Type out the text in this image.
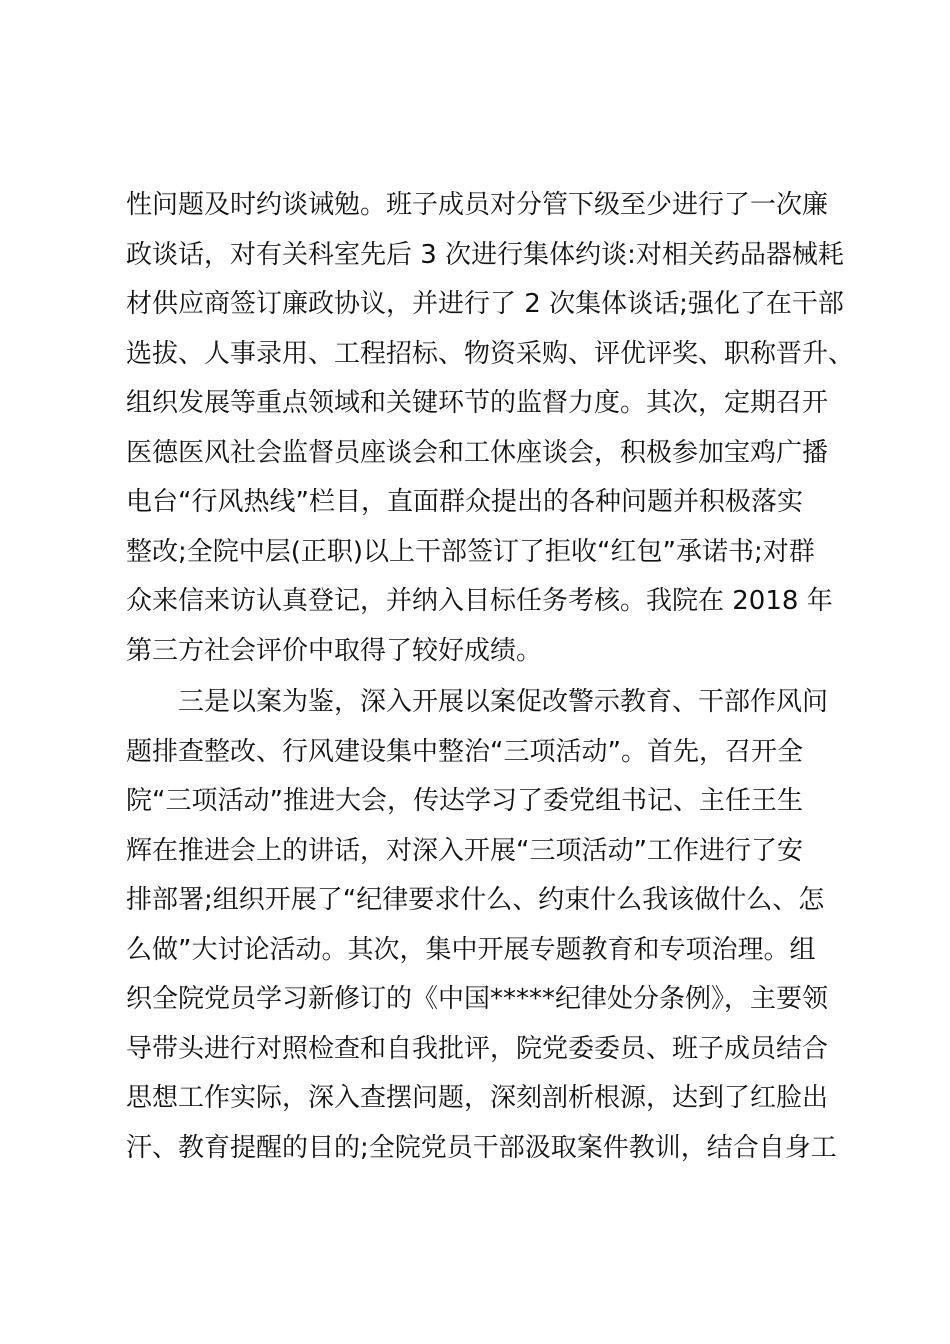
性问题及时约谈诫勉。班子成员对分管下级至少进行了一次廉
政谈话，对有关科室先后 3 次进行集体约谈:对相关药品器械耗
材供应商签订廉政协议，并进行了 2 次集体谈话;强化了在干部
选拔、人事录用、工程招标、物资采购、评优评奖、职称晋升、
组织发展等重点领域和关键环节的监督力度。其次，定期召开
医德医风社会监督员座谈会和工休座谈会，积极参加宝鸡广播
电台“行风热线”栏目，直面群众提出的各种问题并积极落实
整改;全院中层(正职)以上干部签订了拒收“红包”承诺书;对群
众来信来访认真登记，并纳入目标任务考核。我院在 2018 年
第三方社会评价中取得了较好成绩。
三是以案为鉴，深入开展以案促改警示教育、干部作风问
题排查整改、行风建设集中整治“三项活动”。首先，召开全
院“三项活动”推进大会，传达学习了委党组书记、主任王生
辉在推进会上的讲话，对深入开展“三项活动”工作进行了安
排部署;组织开展了“纪律要求什么、约束什么我该做什么、怎
么做”大讨论活动。其次，集中开展专题教育和专项治理。组
织全院党员学习新修订的《中国*****纪律处分条例》，主要领
导带头进行对照检查和自我批评，院党委委员、班子成员结合
思想工作实际，深入查摆问题，深刻剖析根源，达到了红脸出
汗、教育提醒的目的;全院党员干部汲取案件教训，结合自身工
